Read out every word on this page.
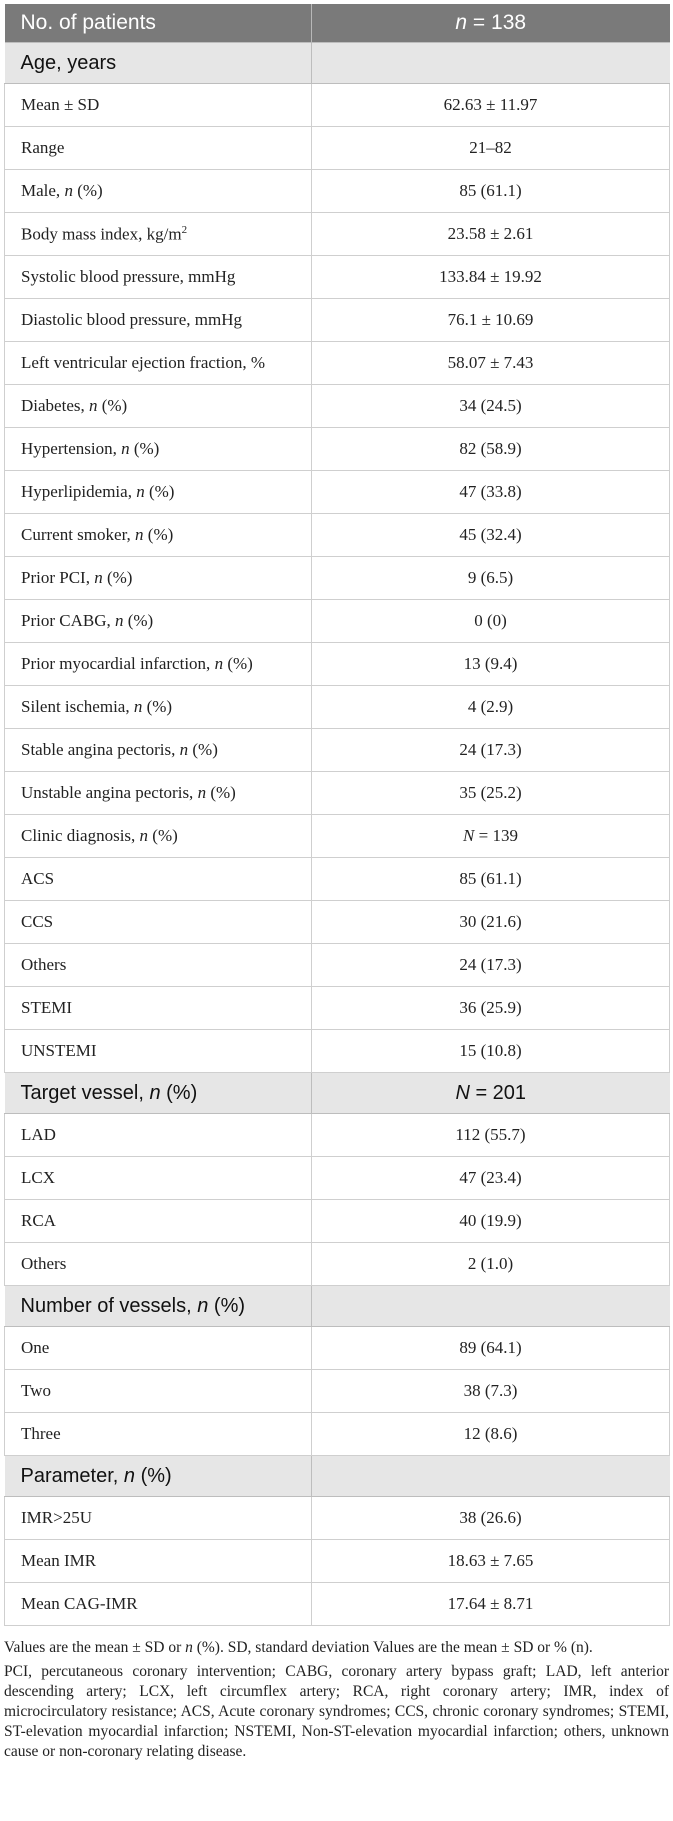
No. of patients	n = 138
Age, years	
Mean ± SD	62.63 ± 11.97
Range	21–82
Male, n (%)	85 (61.1)
Body mass index, $kg/m^2$	23.58 ± 2.61
Systolic blood pressure, mmHg	133.84 ± 19.92
Diastolic blood pressure, mmHg	76.1 ± 10.69
Left ventricular ejection fraction, %	58.07 ± 7.43
Diabetes, n (%)	34 (24.5)
Hypertension, n (%)	82 (58.9)
Hyperlipidemia, n (%)	47 (33.8)
Current smoker, n (%)	45 (32.4)
Prior PCI, n (%)	9 (6.5)
Prior CABG, n (%)	0 (0)
Prior myocardial infarction, n (%)	13 (9.4)
Silent ischemia, n (%)	4 (2.9)
Stable angina pectoris, n (%)	24 (17.3)
Unstable angina pectoris, n (%)	35 (25.2)
Clinic diagnosis, n (%)	N = 139
ACS	85 (61.1)
CCS	30 (21.6)
Others	24 (17.3)
STEMI	36 (25.9)
UNSTEMI	15 (10.8)
Target vessel, n (%)	N = 201
LAD	112 (55.7)
LCX	47 (23.4)
RCA	40 (19.9)
Others	2 (1.0)
Number of vessels, n (%)	
One	89 (64.1)
Two	38 (7.3)
Three	12 (8.6)
Parameter, n (%)	
IMR>25U	38 (26.6)
Mean IMR	18.63 ± 7.65
Mean CAG-IMR	17.64 ± 8.71

Values are the mean ± SD or n (%). SD, standard deviation Values are the mean ± SD or % (n).

PCI, percutaneous coronary intervention; CABG, coronary artery bypass graft; LAD, left anterior descending artery; LCX, left circumflex artery; RCA, right coronary artery; IMR, index of microcirculatory resistance; ACS, Acute coronary syndromes; CCS, chronic coronary syndromes; STEMI, ST-elevation myocardial infarction; NSTEMI, Non-ST-elevation myocardial infarction; others, unknown cause or non-coronary relating disease.
